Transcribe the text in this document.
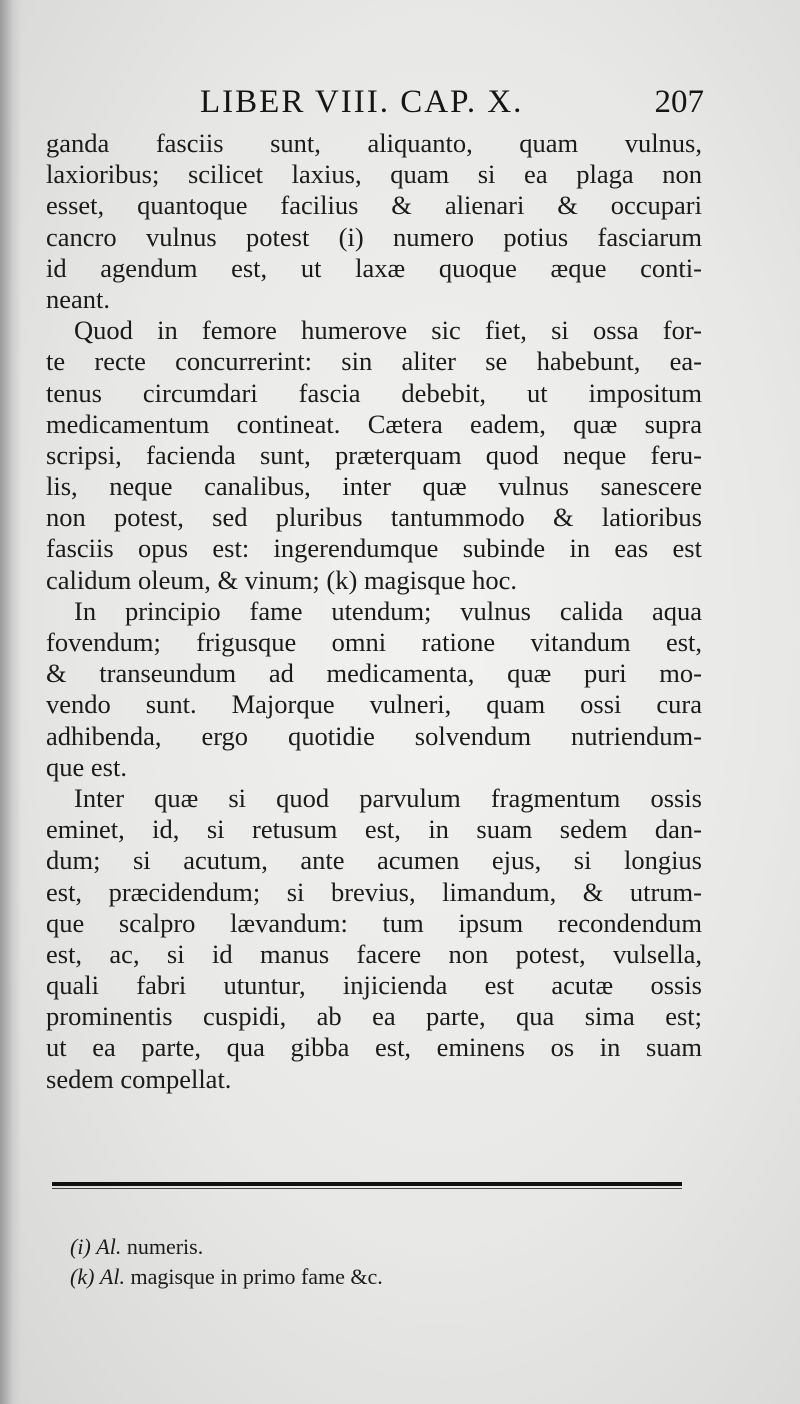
LIBER VIII. CAP. X.	207
ganda fasciis sunt, aliquanto, quam vulnus,
laxioribus; scilicet laxius, quam si ea plaga non
esset, quantoque facilius & alienari & occupari
cancro vulnus potest (i) numero potius fasciarum
id agendum est, ut laxæ quoque æque conti-
neant.
Quod in femore humerove sic fiet, si ossa for-
te recte concurrerint: sin aliter se habebunt, ea-
tenus circumdari fascia debebit, ut impositum
medicamentum contineat. Cætera eadem, quæ supra
scripsi, facienda sunt, præterquam quod neque feru-
lis, neque canalibus, inter quæ vulnus sanescere
non potest, sed pluribus tantummodo & latioribus
fasciis opus est: ingerendumque subinde in eas est
calidum oleum, & vinum; (k) magisque hoc.
In principio fame utendum; vulnus calida aqua
fovendum; frigusque omni ratione vitandum est,
& transeundum ad medicamenta, quæ puri mo-
vendo sunt. Majorque vulneri, quam ossi cura
adhibenda, ergo quotidie solvendum nutriendum-
que est.
Inter quæ si quod parvulum fragmentum ossis
eminet, id, si retusum est, in suam sedem dan-
dum; si acutum, ante acumen ejus, si longius
est, præcidendum; si brevius, limandum, & utrum-
que scalpro lævandum: tum ipsum recondendum
est, ac, si id manus facere non potest, vulsella,
quali fabri utuntur, injicienda est acutæ ossis
prominentis cuspidi, ab ea parte, qua sima est;
ut ea parte, qua gibba est, eminens os in suam
sedem compellat.
(i) Al. numeris.
(k) Al. magisque in primo fame &c.
